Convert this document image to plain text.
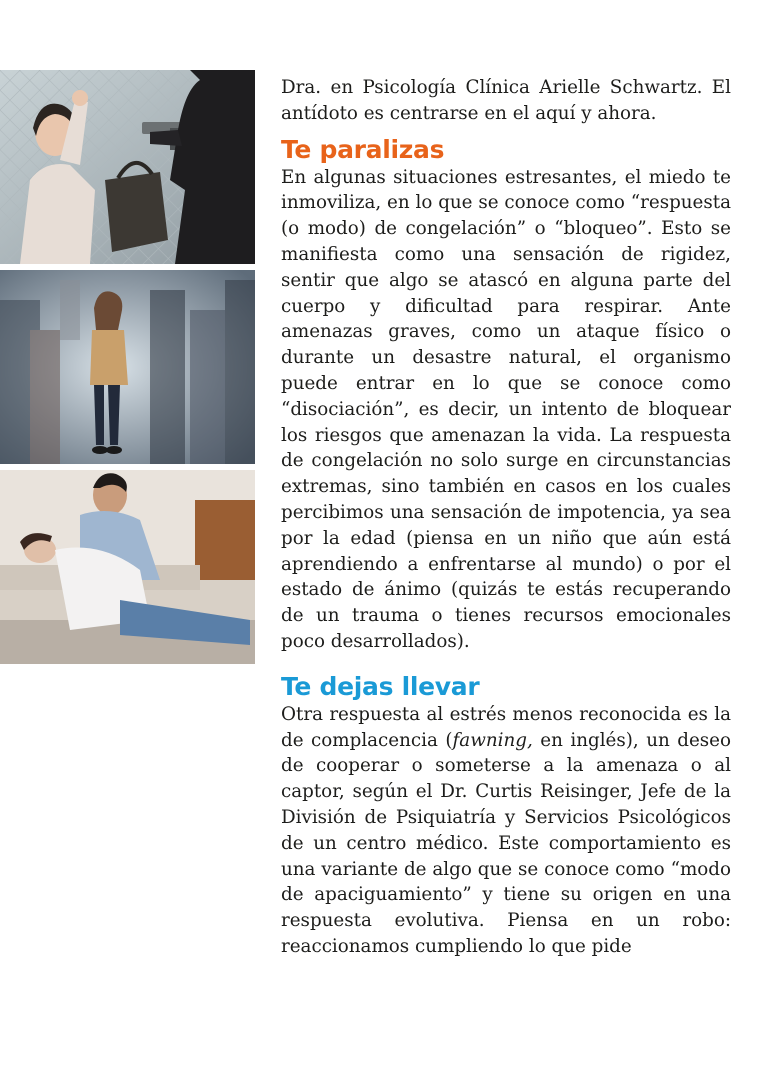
Dra. en Psicología Clínica Arielle Schwartz. El antídoto es centrarse en el aquí y ahora.

Te paralizas

En algunas situaciones estresantes, el miedo te inmoviliza, en lo que se conoce como “respuesta (o modo) de congelación” o “bloqueo”. Esto se manifiesta como una sensación de rigidez, sentir que algo se atascó en alguna parte del cuerpo y dificultad para respirar. Ante amenazas graves, como un ataque físico o durante un desastre natural, el organismo puede entrar en lo que se conoce como “disociación”, es decir, un intento de bloquear los riesgos que amenazan la vida. La respuesta de congelación no solo surge en circunstancias extremas, sino también en casos en los cuales percibimos una sensación de impotencia, ya sea por la edad (piensa en un niño que aún está aprendiendo a enfrentarse al mundo) o por el estado de ánimo (quizás te estás recuperando de un trauma o tienes recursos emocionales poco desarrollados).

Te dejas llevar

Otra respuesta al estrés menos reconocida es la de complacencia (fawning, en inglés), un deseo de cooperar o someterse a la amenaza o al captor, según el Dr. Curtis Reisinger, Jefe de la División de Psiquiatría y Servicios Psicológicos de un centro médico. Este comportamiento es una variante de algo que se conoce como “modo de apaciguamiento” y tiene su origen en una respuesta evolutiva. Piensa en un robo: reaccionamos cumpliendo lo que pide
